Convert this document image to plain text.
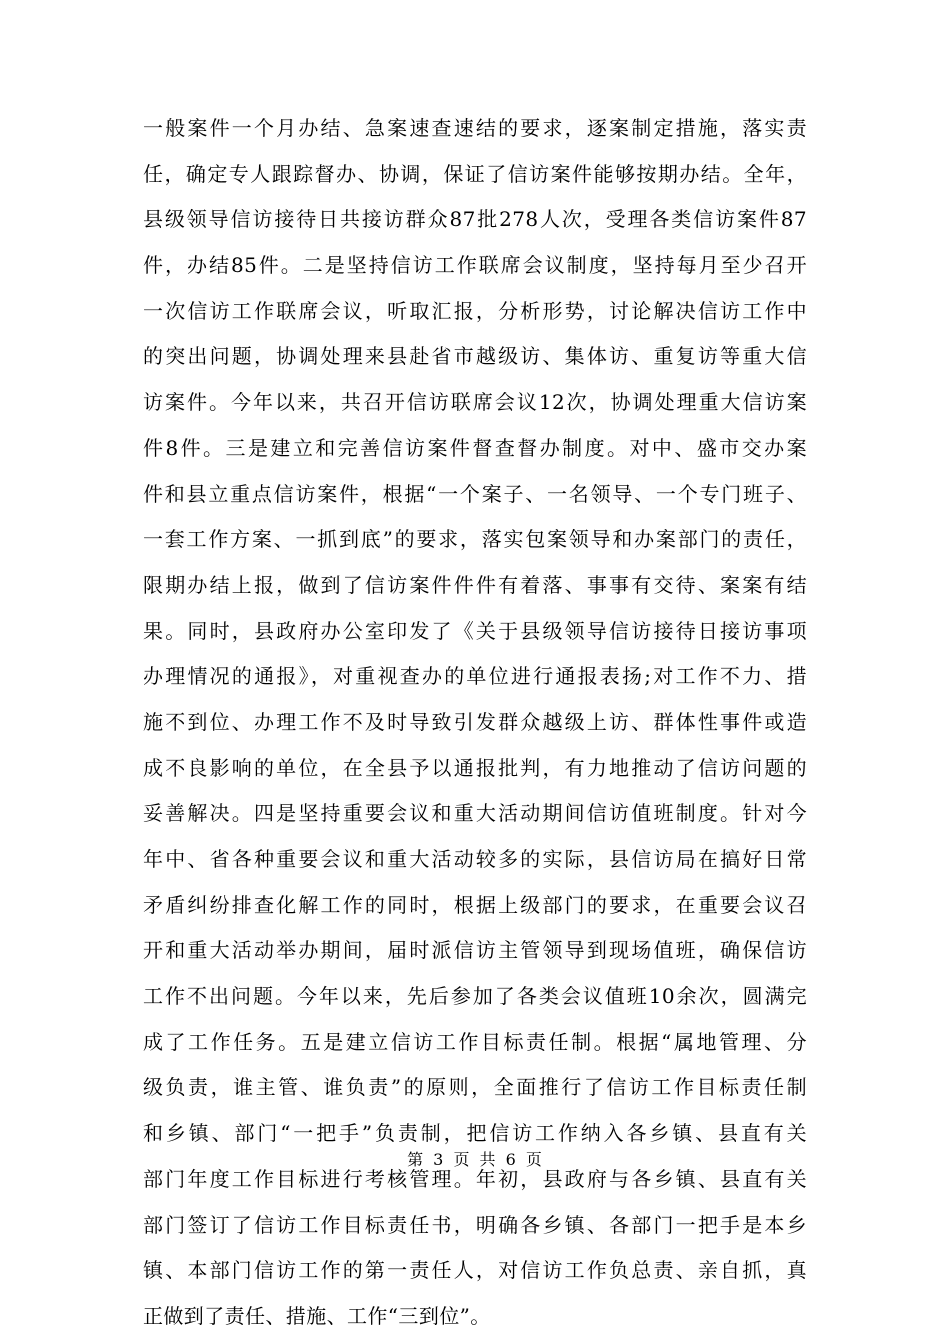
一般案件一个月办结、急案速查速结的要求，逐案制定措施，落实责
任，确定专人跟踪督办、协调，保证了信访案件能够按期办结。全年，
县级领导信访接待日共接访群众87批278人次，受理各类信访案件87
件，办结85件。二是坚持信访工作联席会议制度，坚持每月至少召开
一次信访工作联席会议，听取汇报，分析形势，讨论解决信访工作中
的突出问题，协调处理来县赴省市越级访、集体访、重复访等重大信
访案件。今年以来，共召开信访联席会议12次，协调处理重大信访案
件8件。三是建立和完善信访案件督查督办制度。对中、盛市交办案
件和县立重点信访案件，根据“一个案子、一名领导、一个专门班子、
一套工作方案、一抓到底”的要求，落实包案领导和办案部门的责任，
限期办结上报，做到了信访案件件件有着落、事事有交待、案案有结
果。同时，县政府办公室印发了《关于县级领导信访接待日接访事项
办理情况的通报》，对重视查办的单位进行通报表扬;对工作不力、措
施不到位、办理工作不及时导致引发群众越级上访、群体性事件或造
成不良影响的单位，在全县予以通报批判，有力地推动了信访问题的
妥善解决。四是坚持重要会议和重大活动期间信访值班制度。针对今
年中、省各种重要会议和重大活动较多的实际，县信访局在搞好日常
矛盾纠纷排查化解工作的同时，根据上级部门的要求，在重要会议召
开和重大活动举办期间，届时派信访主管领导到现场值班，确保信访
工作不出问题。今年以来，先后参加了各类会议值班10余次，圆满完
成了工作任务。五是建立信访工作目标责任制。根据“属地管理、分
级负责，谁主管、谁负责”的原则，全面推行了信访工作目标责任制
和乡镇、部门“一把手”负责制，把信访工作纳入各乡镇、县直有关
部门年度工作目标进行考核管理。年初，县政府与各乡镇、县直有关
部门签订了信访工作目标责任书，明确各乡镇、各部门一把手是本乡
镇、本部门信访工作的第一责任人，对信访工作负总责、亲自抓，真
正做到了责任、措施、工作“三到位”。
第 3 页 共 6 页
